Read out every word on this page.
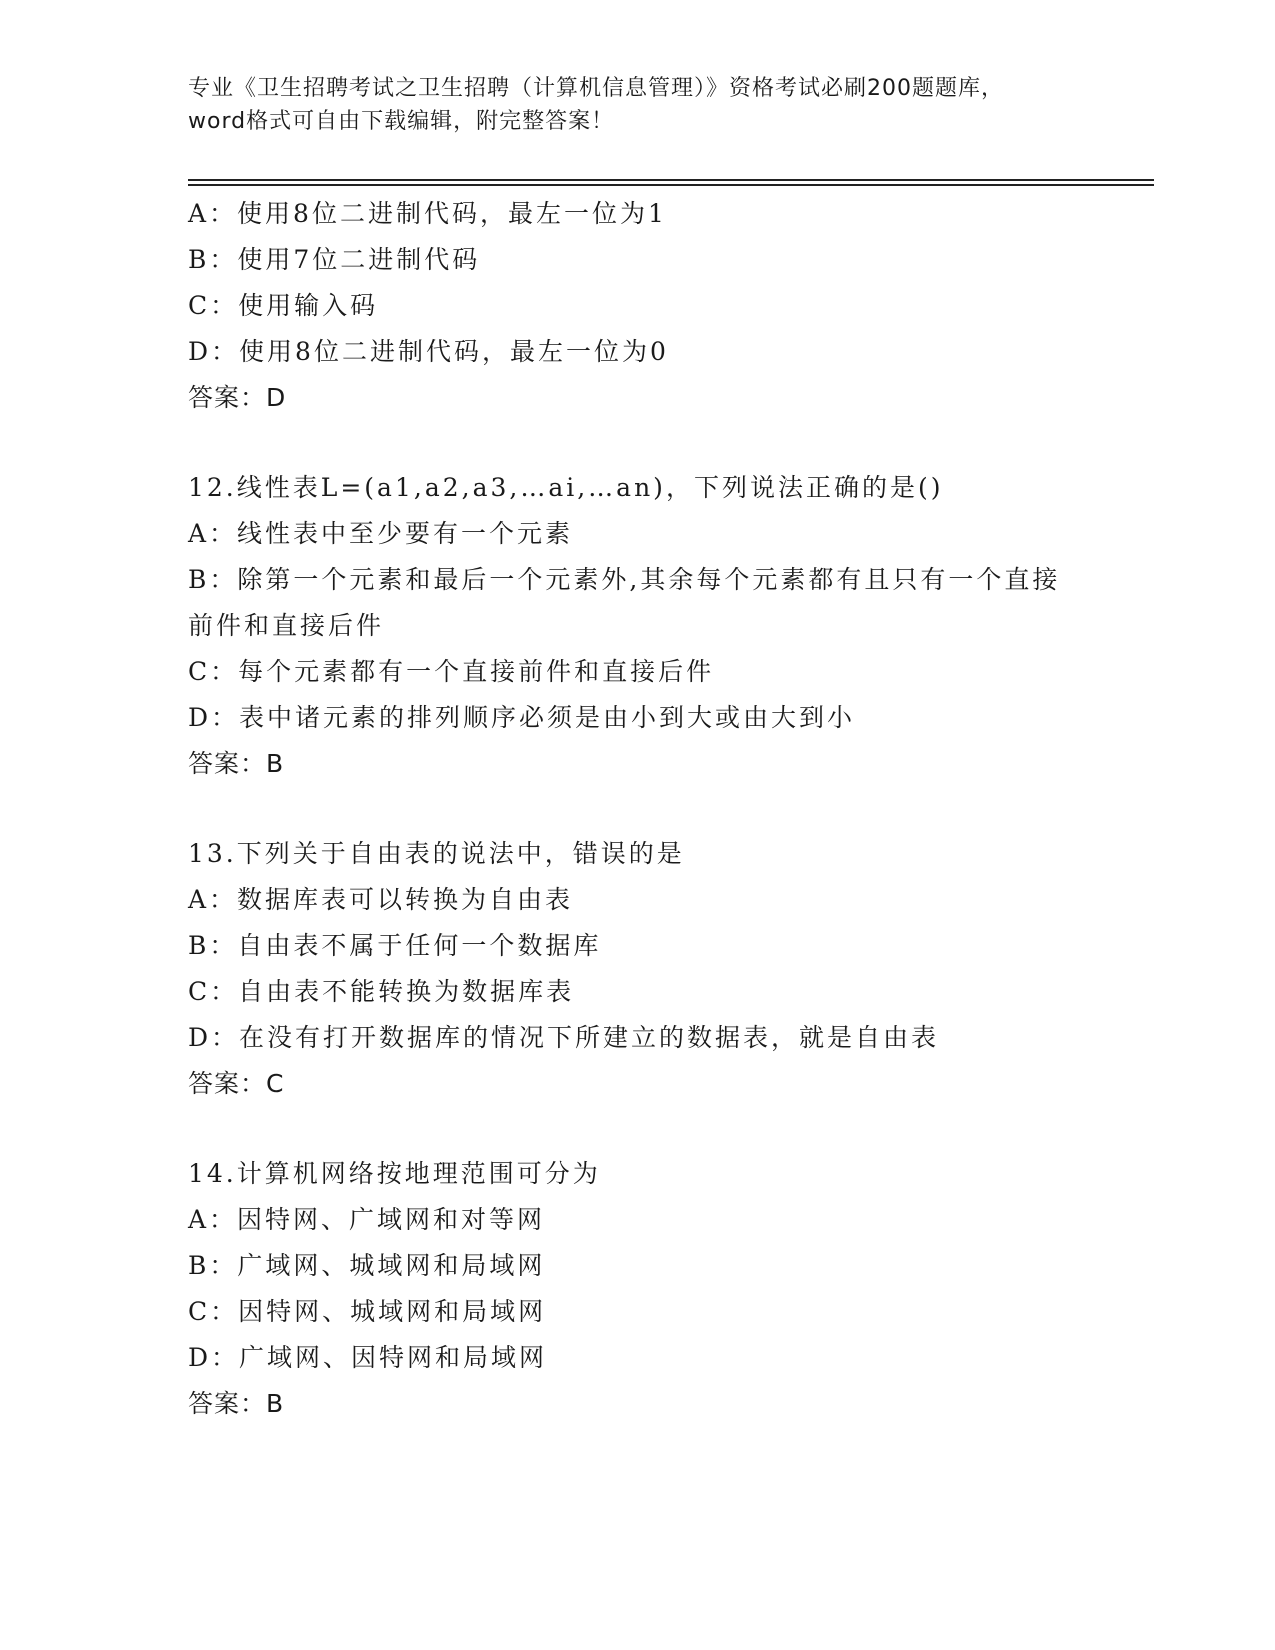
专业《卫生招聘考试之卫生招聘（计算机信息管理）》资格考试必刷200题题库，
word格式可自由下载编辑，附完整答案！
A：使用8位二进制代码，最左一位为1
B：使用7位二进制代码
C：使用输入码
D：使用8位二进制代码，最左一位为0
答案：D
12.线性表L=(a1,a2,a3,…ai,…an)，下列说法正确的是()
A：线性表中至少要有一个元素
B：除第一个元素和最后一个元素外,其余每个元素都有且只有一个直接前件和直接后件
C：每个元素都有一个直接前件和直接后件
D：表中诸元素的排列顺序必须是由小到大或由大到小
答案：B
13.下列关于自由表的说法中，错误的是
A：数据库表可以转换为自由表
B：自由表不属于任何一个数据库
C：自由表不能转换为数据库表
D：在没有打开数据库的情况下所建立的数据表，就是自由表
答案：C
14.计算机网络按地理范围可分为
A：因特网、广域网和对等网
B：广域网、城域网和局域网
C：因特网、城域网和局域网
D：广域网、因特网和局域网
答案：B
